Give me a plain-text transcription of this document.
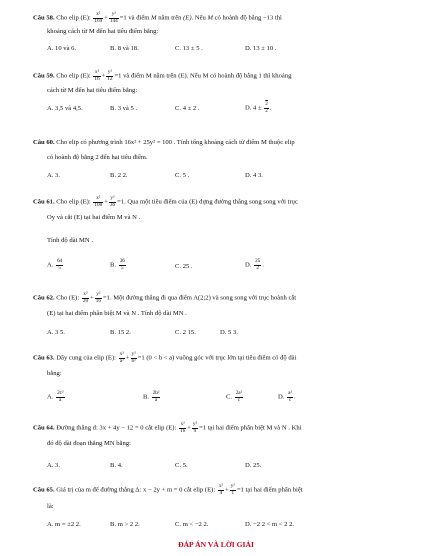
Câu 58. Cho elip (E): $\frac{\text{x²}}{169} + \frac{\text{y²}}{144} =1$ và điểm M nằm trên (E). Nếu M có hoành độ bằng −13 thì
khoảng cách từ M đến hai tiêu điểm bằng:
A. 10 và 6.	B. 8 và 18.	C. 13 ± 5 .	D. 13 ± 10 .
Câu 59. Cho elip (E): $\frac{\text{x²}}{16} + \frac{\text{y²}}{12} =1$ và điểm M nằm trên (E). Nếu M có hoành độ bằng 1 thì khoảng
cách từ M đến hai tiêu điểm bằng:
A. 3,5 và 4,5.	B. 3 và 5 .	C. 4 ± 2 .	D. $4 \pm \frac{2}{2}$ .
Câu 60. Cho elip có phương trình 16x² + 25y² = 100 . Tính tổng khoảng cách từ điểm M thuộc elip
có hoành độ bằng 2 đến hai tiêu điểm.
A. 3.	B. 2 2.	C. 5 .	D. 4 3.
Câu 61. Cho elip (E): $\frac{\text{x²}}{100} + \frac{\text{y²}}{36} =1$. Qua một tiêu điểm của (E) dựng đường thẳng song song với trục
Oy và cắt (E) tại hai điểm M và N .
Tính độ dài MN .
A. $\frac{64}{5}$	B. $\frac{36}{5}$	C. 25 .	D. $\frac{25}{2}$ .
Câu 62. Cho (E): $\frac{\text{x²}}{20} + \frac{\text{y²}}{16} =1$. Một đường thẳng đi qua điểm A(2;2) và song song với trục hoành cắt
(E) tại hai điểm phân biệt M và N . Tính độ dài MN .
A. 3 5.	B. 15 2.	C. 2 15.	D. 5 3.
Câu 63. Dây cung của elip (E): $\frac{\text{x²}}{\text{a²}} + \frac{\text{y²}}{\text{b²}} =1$ (0 < b < a) vuông góc với trục lớn tại tiêu điểm có độ dài
bằng:
A. $\frac{\text{2c²}}{a}$	B. $\frac{\text{2b²}}{a}$	C. $\frac{\text{2a²}}{c}$	D. $\frac{\text{a²}}{c}$ .
Câu 64. Đường thẳng d: 3x + 4y − 12 = 0 cắt elip (E): $\frac{\text{x²}}{16} + \frac{\text{y²}}{9} =1$ tại hai điểm phân biệt M và N . Khi
đó độ dài đoạn thẳng MN bằng:
A. 3.	B. 4.	C. 5.	D. 25.
Câu 65. Giá trị của m để đường thẳng Δ: x − 2y + m = 0 cắt elip (E): $\frac{\text{x²}}{4} + \frac{\text{y²}}{1} =1$ tại hai điểm phân biệt
là:
A. m = ±2 2.	B. m > 2 2.	C. m < −2 2.	D. −2 2 < m < 2 2.
ĐÁP ÁN VÀ LỜI GIẢI
